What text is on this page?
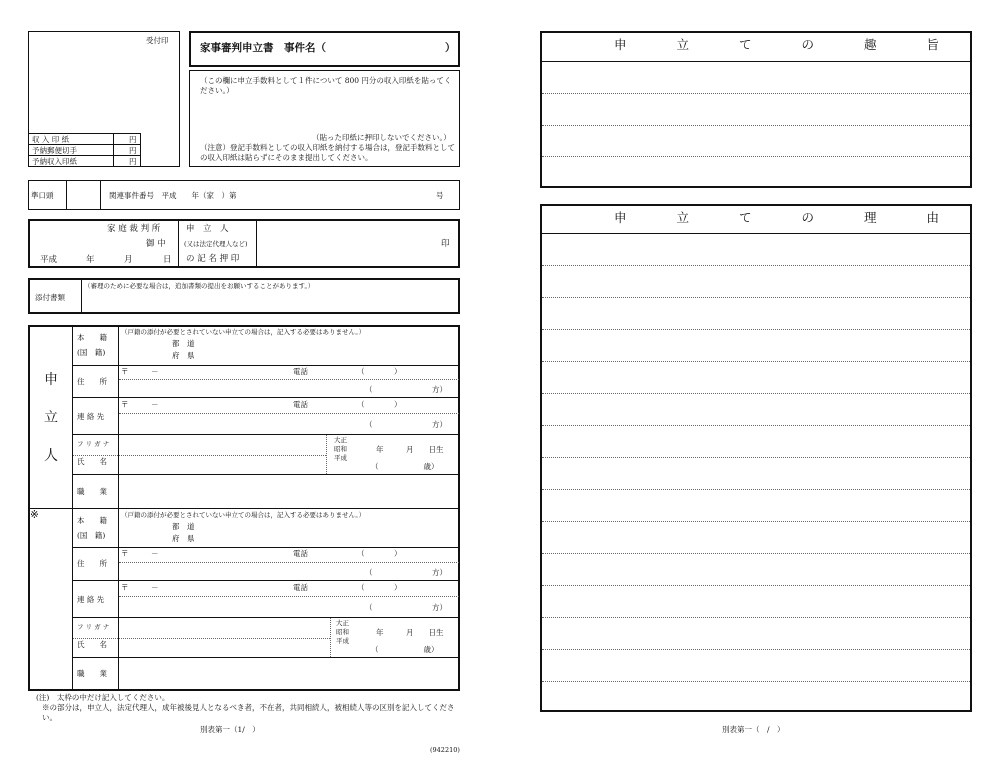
受付印
収 入 印 紙	円
予納郵便切手	円
予納収入印紙	円
家事審判申立書　事件名（	）
（この欄に申立手数料として１件について 800 円分の収入印紙を貼ってください。）
（貼った印紙に押印しないでください。）
（注意）登記手数料としての収入印紙を納付する場合は，登記手数料としての収入印紙は貼らずにそのまま提出してください。
準口頭	関連事件番号　平成　　年（家　）第	号
家 庭 裁 判 所
御 中
平成	年	月	日
申　立　人
(又は法定代理人など)
の 記 名 押 印
印
添付書類
（審理のために必要な場合は，追加書類の提出をお願いすることがあります。）
申
立
人
※
本　　籍
(国　籍)
（戸籍の添付が必要とされていない申立ての場合は，記入する必要はありません。）
都　道
府　県
住　　所
〒　　　－	電話	（	）
（	方）
連 絡 先
〒　　　－	電話	（	）
（	方）
フ リ ガ ナ
氏　　名
大正
昭和
平成
年　　　月　　日生
（　　　　　　歳）
職　　業
本　　籍
(国　籍)
（戸籍の添付が必要とされていない申立ての場合は，記入する必要はありません。）
都　道
府　県
住　　所
〒　　　－	電話	（	）
（	方）
連 絡 先
〒　　　－	電話	（	）
（	方）
フ リ ガ ナ
氏　　名
大正
昭和
平成
年　　　月　　日生
（　　　　　　歳）
職　　業
(注)　太枠の中だけ記入してください。
※の部分は，申立人，法定代理人，成年被後見人となるべき者，不在者，共同相続人，被相続人等の区別を記入してください。
別表第一（1/　）
(942210)
申　　　　立　　　　て　　　　の　　　　趣　　　　旨
申　　　　立　　　　て　　　　の　　　　理　　　　由
別表第一（　/　）
